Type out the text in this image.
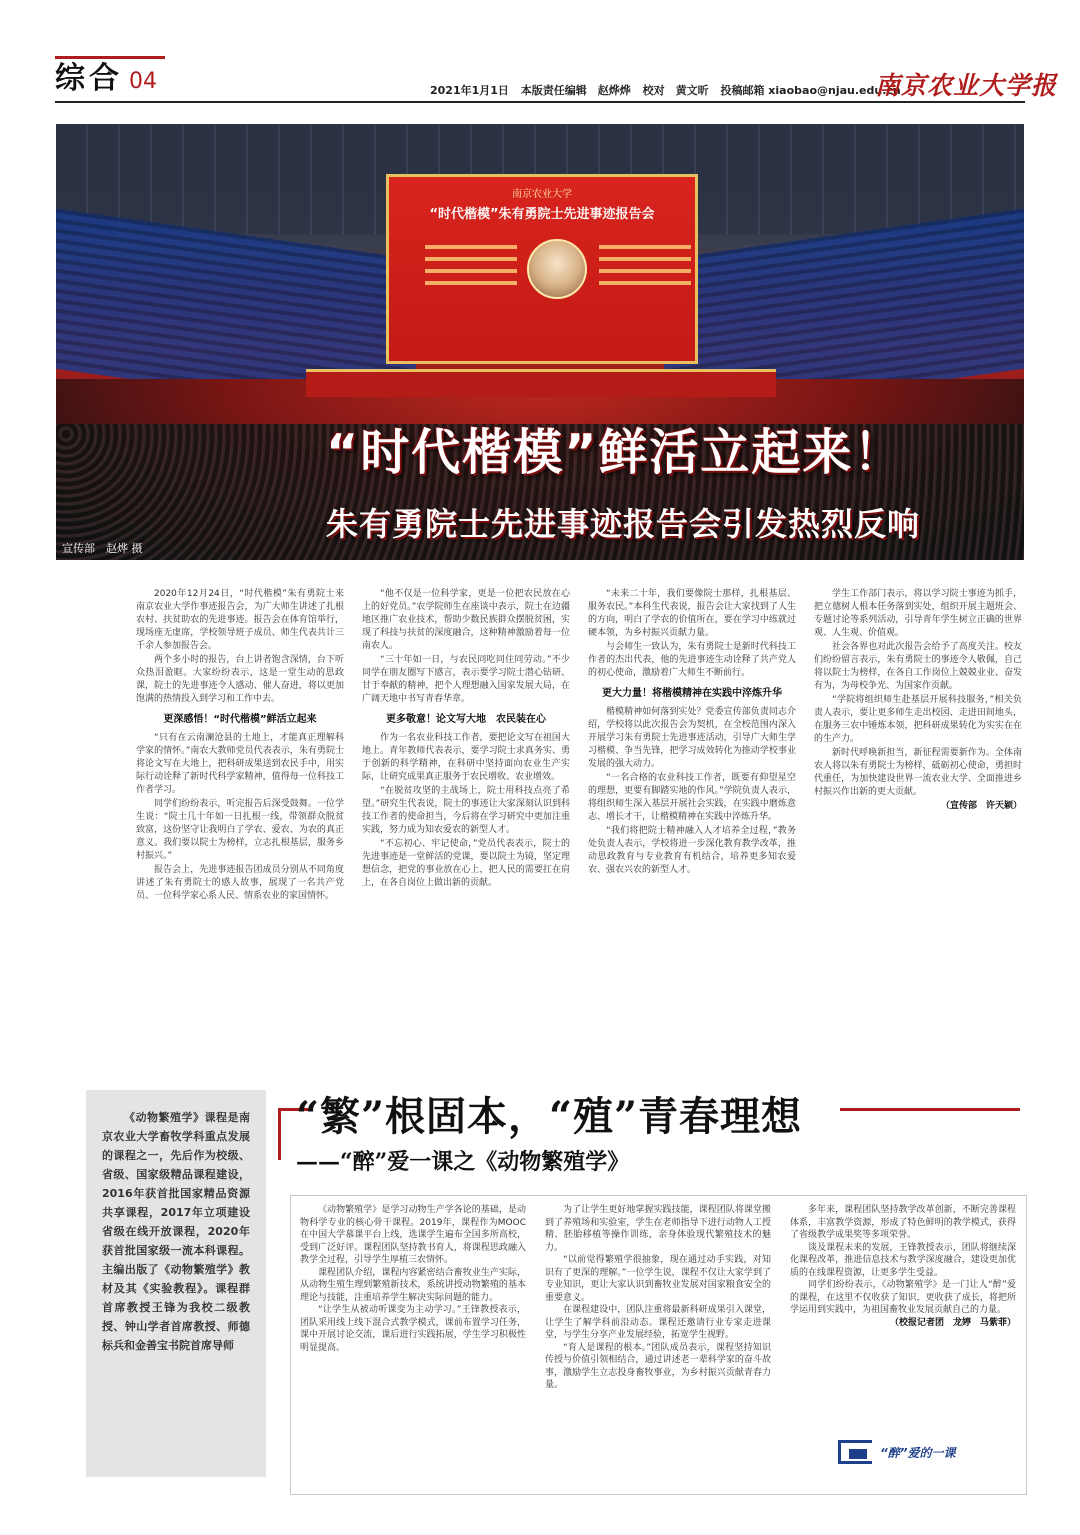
综合 04	2021年1月1日 本版责任编辑　赵烨烨 校对　黄文昕 投稿邮箱 xiaobao@njau.edu.cn
南京农业大学报
南京农业大学
“时代楷模”朱有勇院士先进事迹报告会
“时代楷模”鲜活立起来！
朱有勇院士先进事迹报告会引发热烈反响
宣传部　赵烨 摄

2020年12月24日，“时代楷模”朱有勇院士来南京农业大学作事迹报告会，为广大师生讲述了扎根农村、扶贫助农的先进事迹。报告会在体育馆举行，现场座无虚席，学校领导班子成员、师生代表共计三千余人参加报告会。

两个多小时的报告，台上讲者饱含深情，台下听众热泪盈眶。大家纷纷表示，这是一堂生动的思政课，院士的先进事迹令人感动、催人奋进，将以更加饱满的热情投入到学习和工作中去。

更深感悟！“时代楷模”鲜活立起来

“只有在云南澜沧县的土地上，才能真正理解科学家的情怀。”南农大教师党员代表表示，朱有勇院士将论文写在大地上，把科研成果送到农民手中，用实际行动诠释了新时代科学家精神，值得每一位科技工作者学习。

同学们纷纷表示，听完报告后深受鼓舞。一位学生说：“院士几十年如一日扎根一线，带领群众脱贫致富，这份坚守让我明白了学农、爱农、为农的真正意义。我们要以院士为榜样，立志扎根基层，服务乡村振兴。”

报告会上，先进事迹报告团成员分别从不同角度讲述了朱有勇院士的感人故事，展现了一名共产党员、一位科学家心系人民、情系农业的家国情怀。

“他不仅是一位科学家，更是一位把农民放在心上的好党员。”农学院师生在座谈中表示，院士在边疆地区推广农业技术，帮助少数民族群众摆脱贫困，实现了科技与扶贫的深度融合，这种精神激励着每一位南农人。

“三十年如一日，与农民同吃同住同劳动。”不少同学在朋友圈写下感言，表示要学习院士潜心钻研、甘于奉献的精神，把个人理想融入国家发展大局，在广阔天地中书写青春华章。

更多敬意！论文写大地　农民装在心

作为一名农业科技工作者，要把论文写在祖国大地上。青年教师代表表示，要学习院士求真务实、勇于创新的科学精神，在科研中坚持面向农业生产实际，让研究成果真正服务于农民增收、农业增效。

“在脱贫攻坚的主战场上，院士用科技点亮了希望。”研究生代表说，院士的事迹让大家深刻认识到科技工作者的使命担当，今后将在学习研究中更加注重实践，努力成为知农爱农的新型人才。

“不忘初心、牢记使命，”党员代表表示，院士的先进事迹是一堂鲜活的党课，要以院士为镜，坚定理想信念，把党的事业放在心上，把人民的需要扛在肩上，在各自岗位上做出新的贡献。

“未来二十年，我们要像院士那样，扎根基层、服务农民。”本科生代表说，报告会让大家找到了人生的方向，明白了学农的价值所在，要在学习中练就过硬本领，为乡村振兴贡献力量。

与会师生一致认为，朱有勇院士是新时代科技工作者的杰出代表，他的先进事迹生动诠释了共产党人的初心使命，激励着广大师生不断前行。

更大力量！将楷模精神在实践中淬炼升华

楷模精神如何落到实处？党委宣传部负责同志介绍，学校将以此次报告会为契机，在全校范围内深入开展学习朱有勇院士先进事迹活动，引导广大师生学习楷模、争当先锋，把学习成效转化为推动学校事业发展的强大动力。

“一名合格的农业科技工作者，既要有仰望星空的理想，更要有脚踏实地的作风。”学院负责人表示，将组织师生深入基层开展社会实践，在实践中磨炼意志、增长才干，让楷模精神在实践中淬炼升华。

“我们将把院士精神融入人才培养全过程，”教务处负责人表示，学校将进一步深化教育教学改革，推动思政教育与专业教育有机结合，培养更多知农爱农、强农兴农的新型人才。

学生工作部门表示，将以学习院士事迹为抓手，把立德树人根本任务落到实处，组织开展主题班会、专题讨论等系列活动，引导青年学生树立正确的世界观、人生观、价值观。

社会各界也对此次报告会给予了高度关注。校友们纷纷留言表示，朱有勇院士的事迹令人敬佩，自己将以院士为榜样，在各自工作岗位上兢兢业业、奋发有为，为母校争光、为国家作贡献。

“学院将组织师生赴基层开展科技服务，”相关负责人表示，要让更多师生走出校园、走进田间地头，在服务三农中锤炼本领，把科研成果转化为实实在在的生产力。

新时代呼唤新担当，新征程需要新作为。全体南农人将以朱有勇院士为榜样，砥砺初心使命，勇担时代重任，为加快建设世界一流农业大学、全面推进乡村振兴作出新的更大贡献。

（宣传部　许天颖）
《动物繁殖学》课程是南京农业大学畜牧学科重点发展的课程之一，先后作为校级、省级、国家级精品课程建设，2016年获首批国家精品资源共享课程，2017年立项建设省级在线开放课程，2020年获首批国家级一流本科课程。主编出版了《动物繁殖学》教材及其《实验教程》。课程群首席教授王锋为我校二级教授、钟山学者首席教授、师德标兵和金善宝书院首席导师
“繁”根固本，“殖”青春理想
——“醉”爱一课之《动物繁殖学》

《动物繁殖学》是学习动物生产学各论的基础，是动物科学专业的核心骨干课程。2019年，课程作为MOOC在中国大学慕课平台上线，选课学生遍布全国多所高校，受到广泛好评。课程团队坚持教书育人，将课程思政融入教学全过程，引导学生厚植三农情怀。

课程团队介绍，课程内容紧密结合畜牧业生产实际，从动物生殖生理到繁殖新技术，系统讲授动物繁殖的基本理论与技能，注重培养学生解决实际问题的能力。

“让学生从被动听课变为主动学习。”王锋教授表示，团队采用线上线下混合式教学模式，课前布置学习任务，课中开展讨论交流，课后进行实践拓展，学生学习积极性明显提高。

为了让学生更好地掌握实践技能，课程团队将课堂搬到了养殖场和实验室，学生在老师指导下进行动物人工授精、胚胎移植等操作训练，亲身体验现代繁殖技术的魅力。

“以前觉得繁殖学很抽象，现在通过动手实践，对知识有了更深的理解。”一位学生说，课程不仅让大家学到了专业知识，更让大家认识到畜牧业发展对国家粮食安全的重要意义。

在课程建设中，团队注重将最新科研成果引入课堂，让学生了解学科前沿动态。课程还邀请行业专家走进课堂，与学生分享产业发展经验，拓宽学生视野。

“育人是课程的根本。”团队成员表示，课程坚持知识传授与价值引领相结合，通过讲述老一辈科学家的奋斗故事，激励学生立志投身畜牧事业，为乡村振兴贡献青春力量。

多年来，课程团队坚持教学改革创新，不断完善课程体系，丰富教学资源，形成了特色鲜明的教学模式，获得了省级教学成果奖等多项荣誉。

谈及课程未来的发展，王锋教授表示，团队将继续深化课程改革，推进信息技术与教学深度融合，建设更加优质的在线课程资源，让更多学生受益。

同学们纷纷表示，《动物繁殖学》是一门让人“醉”爱的课程，在这里不仅收获了知识，更收获了成长，将把所学运用到实践中，为祖国畜牧业发展贡献自己的力量。

（校报记者团　龙婷　马紫菲）
“醉”爱的一课
